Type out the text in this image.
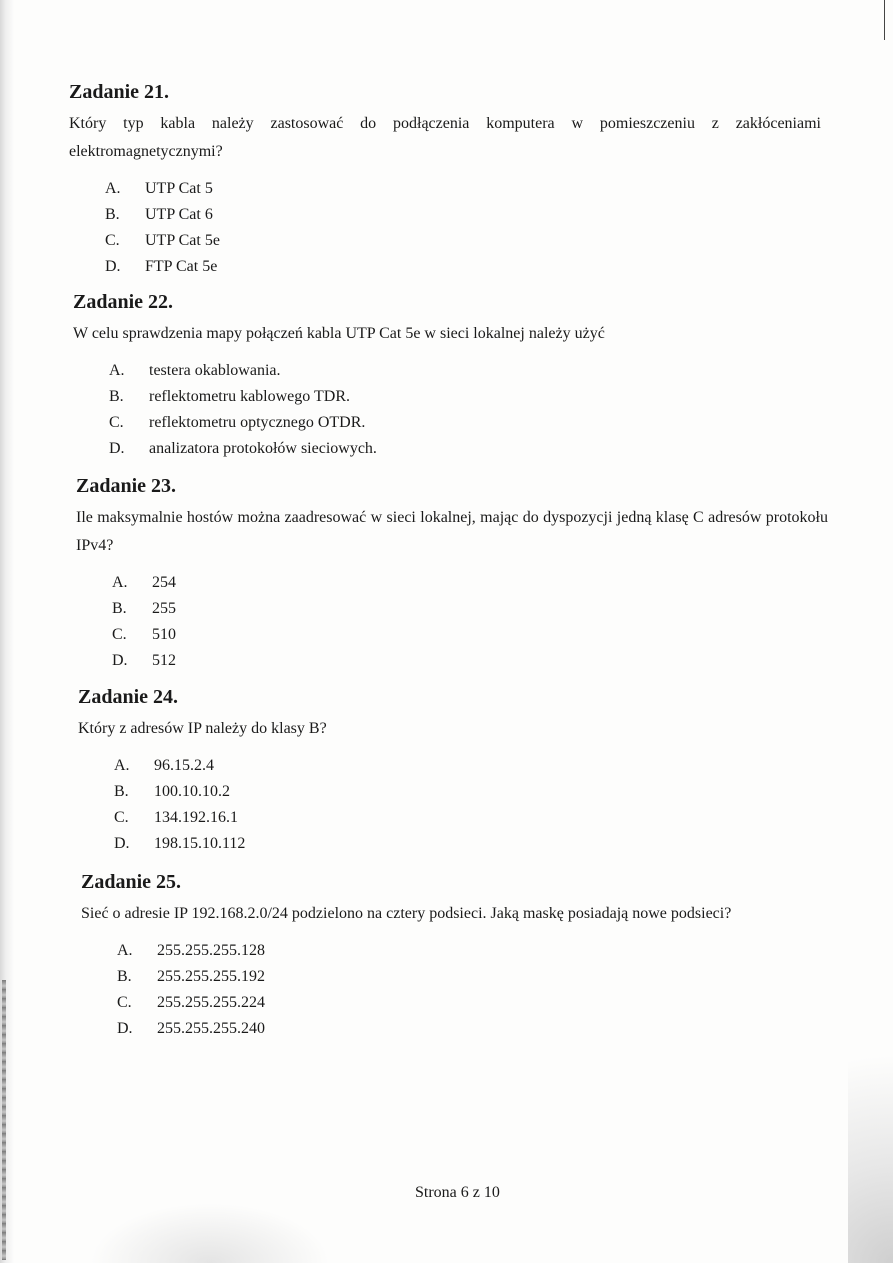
Zadanie 21.

Który typ kabla należy zastosować do podłączenia komputera w pomieszczeniu z zakłóceniami elektromagnetycznymi?

A.	UTP Cat 5
B.	UTP Cat 6
C.	UTP Cat 5e
D.	FTP Cat 5e
Zadanie 22.

W celu sprawdzenia mapy połączeń kabla UTP Cat 5e w sieci lokalnej należy użyć

A.	testera okablowania.
B.	reflektometru kablowego TDR.
C.	reflektometru optycznego OTDR.
D.	analizatora protokołów sieciowych.
Zadanie 23.

Ile maksymalnie hostów można zaadresować w sieci lokalnej, mając do dyspozycji jedną klasę C adresów protokołu IPv4?

A.	254
B.	255
C.	510
D.	512
Zadanie 24.

Który z adresów IP należy do klasy B?

A.	96.15.2.4
B.	100.10.10.2
C.	134.192.16.1
D.	198.15.10.112
Zadanie 25.

Sieć o adresie IP 192.168.2.0/24 podzielono na cztery podsieci. Jaką maskę posiadają nowe podsieci?

A.	255.255.255.128
B.	255.255.255.192
C.	255.255.255.224
D.	255.255.255.240
Strona 6 z 10
